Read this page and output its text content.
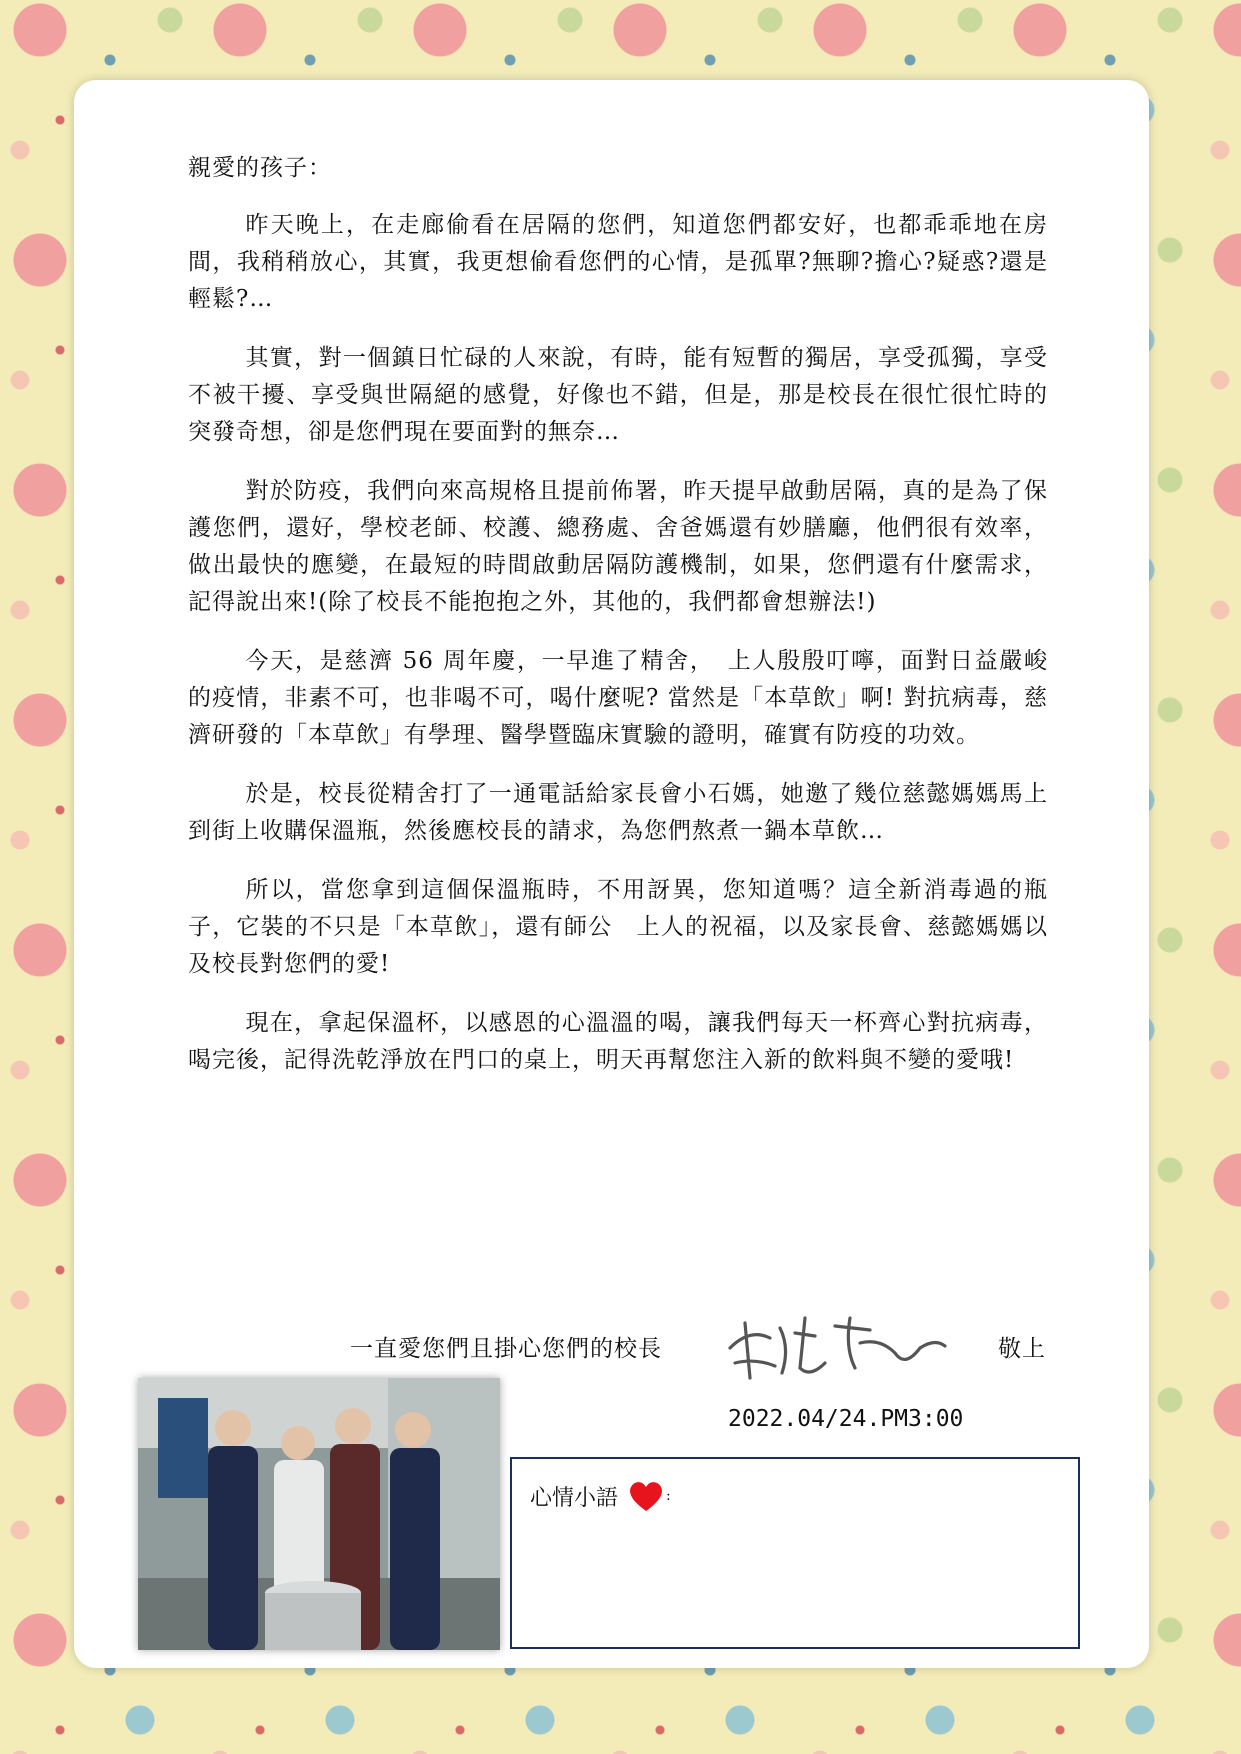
親愛的孩子：

昨天晚上，在走廊偷看在居隔的您們，知道您們都安好，也都乖乖地在房間，我稍稍放心，其實，我更想偷看您們的心情，是孤單?無聊?擔心?疑惑?還是輕鬆?…

其實，對一個鎮日忙碌的人來說，有時，能有短暫的獨居，享受孤獨，享受不被干擾、享受與世隔絕的感覺，好像也不錯，但是，那是校長在很忙很忙時的突發奇想，卻是您們現在要面對的無奈…

對於防疫，我們向來高規格且提前佈署，昨天提早啟動居隔，真的是為了保護您們，還好，學校老師、校護、總務處、舍爸媽還有妙膳廳，他們很有效率，做出最快的應變，在最短的時間啟動居隔防護機制，如果，您們還有什麼需求，記得說出來!(除了校長不能抱抱之外，其他的，我們都會想辦法!)

今天，是慈濟 56 周年慶，一早進了精舍，　上人殷殷叮嚀，面對日益嚴峻的疫情，非素不可，也非喝不可，喝什麼呢? 當然是「本草飲」啊! 對抗病毒，慈濟研發的「本草飲」有學理、醫學暨臨床實驗的證明，確實有防疫的功效。

於是，校長從精舍打了一通電話給家長會小石媽，她邀了幾位慈懿媽媽馬上到街上收購保溫瓶，然後應校長的請求，為您們熬煮一鍋本草飲…

所以，當您拿到這個保溫瓶時，不用訝異，您知道嗎？這全新消毒過的瓶子，它裝的不只是「本草飲」，還有師公　上人的祝福，以及家長會、慈懿媽媽以及校長對您們的愛!

現在，拿起保溫杯，以感恩的心溫溫的喝，讓我們每天一杯齊心對抗病毒，喝完後，記得洗乾淨放在門口的桌上，明天再幫您注入新的飲料與不變的愛哦!

一直愛您們且掛心您們的校長	敬上
2022.04/24.PM3:00
心情小語	:
